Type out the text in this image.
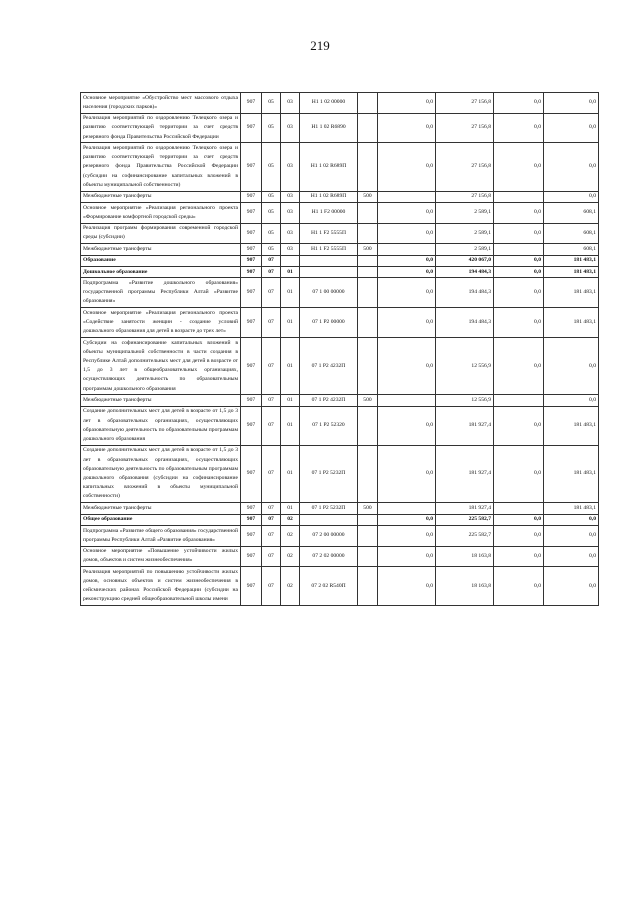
219
Основное мероприятие «Обустройство мест массового отдыха населения (городских парков)»	907	05	03	Н1 1 02 00000		0,0	27 156,8	0,0	0,0
Реализация мероприятий по оздоровлению Телецкого озера и развитию соответствующей территории за счет средств резервного фонда Правительства Российской Федерации	907	05	03	Н1 1 02 R6890		0,0	27 156,8	0,0	0,0
Реализация мероприятий по оздоровлению Телецкого озера и развитию соответствующей территории за счет средств резервного фонда Правительства Российской Федерации (субсидии на софинансирование капитальных вложений в объекты муниципальной собственности)	907	05	03	Н1 1 02 R689П		0,0	27 156,8	0,0	0,0
Межбюджетные трансферты	907	05	03	Н1 1 02 R689П	500		27 156,8		0,0
Основное мероприятие «Реализация регионального проекта «Формирование комфортной городской среды»	907	05	03	Н1 1 F2 00000		0,0	2 589,1	0,0	608,1
Реализация программ формирования современной городской среды (субсидии)	907	05	03	Н1 1 F2 5555П		0,0	2 589,1	0,0	608,1
Межбюджетные трансферты	907	05	03	Н1 1 F2 5555П	500		2 589,1		608,1
Образование	907	07				0,0	420 067,0	0,0	181 483,1
Дошкольное образование	907	07	01			0,0	194 484,3	0,0	181 483,1
Подпрограмма «Развитие дошкольного образования» государственной программы Республики Алтай «Развитие образования»	907	07	01	07 1 00 00000		0,0	194 484,3	0,0	181 483,1
Основное мероприятие «Реализация регионального проекта «Содействие занятости женщин - создание условий дошкольного образования для детей в возрасте до трех лет»	907	07	01	07 1 P2 00000		0,0	194 484,3	0,0	181 483,1
Субсидии на софинансирование капитальных вложений в объекты муниципальной собственности в части создания в Республике Алтай дополнительных мест для детей в возрасте от 1,5 до 3 лет в общеобразовательных организациях, осуществляющих деятельность по образовательным программам дошкольного образования	907	07	01	07 1 P2 4232П		0,0	12 556,9	0,0	0,0
Межбюджетные трансферты	907	07	01	07 1 P2 4232П	500		12 556,9		0,0
Создание дополнительных мест для детей в возрасте от 1,5 до 3 лет в образовательных организациях, осуществляющих образовательную деятельность по образовательным программам дошкольного образования	907	07	01	07 1 P2 52320		0,0	181 927,4	0,0	181 483,1
Создание дополнительных мест для детей в возрасте от 1,5 до 3 лет в образовательных организациях, осуществляющих образовательную деятельность по образовательным программам дошкольного образования (субсидии на софинансирование капитальных вложений в объекты муниципальной собственности)	907	07	01	07 1 P2 5232П		0,0	181 927,4	0,0	181 483,1
Межбюджетные трансферты	907	07	01	07 1 P2 5232П	500		181 927,4		181 483,1
Общее образование	907	07	02			0,0	225 582,7	0,0	0,0
Подпрограмма «Развитие общего образования» государственной программы Республики Алтай «Развитие образования»	907	07	02	07 2 00 00000		0,0	225 582,7	0,0	0,0
Основное мероприятие «Повышение устойчивости жилых домов, объектов и систем жизнеобеспечения»	907	07	02	07 2 02 00000		0,0	18 163,8	0,0	0,0
Реализация мероприятий по повышению устойчивости жилых домов, основных объектов и систем жизнеобеспечения в сейсмических районах Российской Федерации (субсидии на реконструкцию средней общеобразовательной школы имени	907	07	02	07 2 02 R540П		0,0	18 163,8	0,0	0,0
